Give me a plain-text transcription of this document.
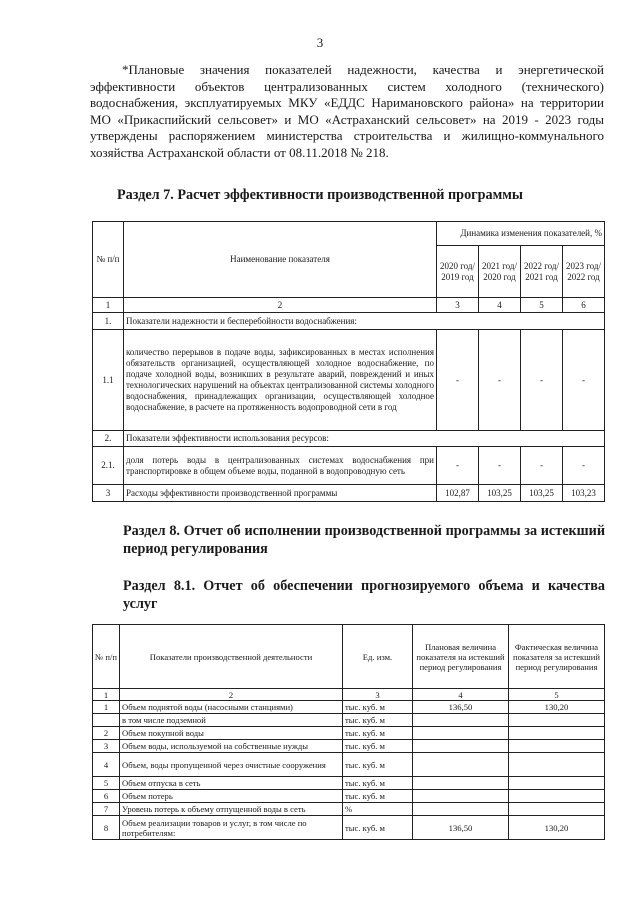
3
*Плановые значения показателей надежности, качества и энергетической эффективности объектов централизованных систем холодного (технического) водоснабжения, эксплуатируемых МКУ «ЕДДС Наримановского района» на территории МО «Прикаспийский сельсовет» и МО «Астраханский сельсовет» на 2019 - 2023 годы утверждены распоряжением министерства строительства и жилищно-коммунального хозяйства Астраханской области от 08.11.2018 № 218.
Раздел 7. Расчет эффективности производственной программы
№ п/п	Наименование показателя	Динамика изменения показателей, %			
		2020 год/ 2019 год	2021 год/ 2020 год	2022 год/ 2021 год	2023 год/ 2022 год
1	2	3	4	5	6
1.	Показатели надежности и бесперебойности водоснабжения:				
1.1	количество перерывов в подаче воды, зафиксированных в местах исполнения обязательств организацией, осуществляющей холодное водоснабжение, по подаче холодной воды, возникших в результате аварий, повреждений и иных технологических нарушений на объектах централизованной системы холодного водоснабжения, принадлежащих организации, осуществляющей холодное водоснабжение, в расчете на протяженность водопроводной сети в год	-	-	-	-
2.	Показатели эффективности использования ресурсов:				
2.1.	доля потерь воды в централизованных системах водоснабжения при транспортировке в общем объеме воды, поданной в водопроводную сеть	-	-	-	-
3	Расходы эффективности производственной программы	102,87	103,25	103,25	103,23
Раздел 8. Отчет об исполнении производственной программы за истекший период регулирования
Раздел 8.1. Отчет об обеспечении прогнозируемого объема и качества услуг
№ п/п	Показатели производственной деятельности	Ед. изм.	Плановая величина показателя на истекший период регулирования	Фактическая величина показателя за истекший период регулирования
1	2	3	4	5
1	Объем поднятой воды (насосными станциями)	тыс. куб. м	136,50	130,20
	в том числе подземной	тыс. куб. м		
2	Объем покупной воды	тыс. куб. м		
3	Объем воды, используемой на собственные нужды	тыс. куб. м		
4	Объем, воды пропущенной через очистные сооружения	тыс. куб. м		
5	Объем отпуска в сеть	тыс. куб. м		
6	Объем потерь	тыс. куб. м		
7	Уровень потерь к объему отпущенной воды в сеть	%		
8	Объем реализации товаров и услуг, в том числе по потребителям:	тыс. куб. м	136,50	130,20
